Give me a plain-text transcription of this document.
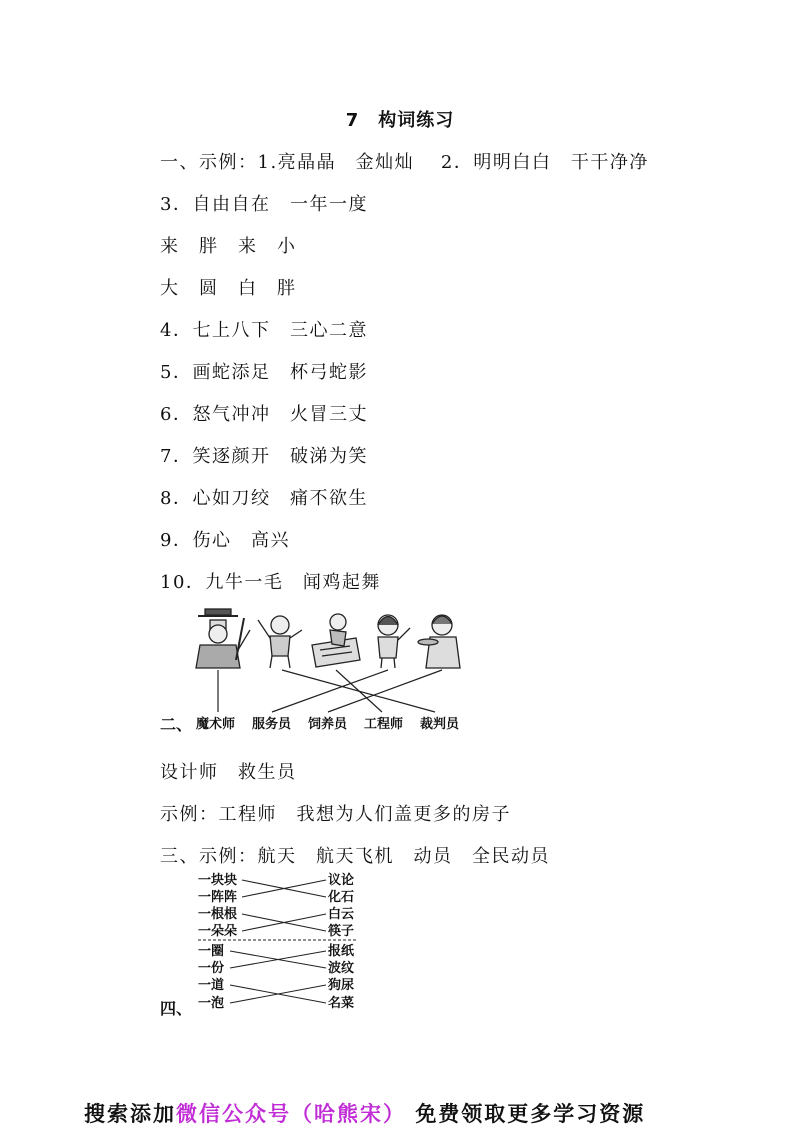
7　构词练习
一、示例：1.亮晶晶　金灿灿　 2．明明白白　干干净净
3．自由自在　一年一度
来　胖　来　小
大　圆　白　胖
4．七上八下　三心二意
5．画蛇添足　杯弓蛇影
6．怒气冲冲　火冒三丈
7．笑逐颜开　破涕为笑
8．心如刀绞　痛不欲生
9．伤心　高兴
10．九牛一毛　闻鸡起舞
二、 魔术师 服务员 饲养员 工程师 裁判员
设计师　救生员
示例：工程师　我想为人们盖更多的房子
三、示例：航天　航天飞机　动员　全民动员
一块块
一阵阵
一根根
一朵朵
一圈
一份
一道
一泡
议论
化石
白云
筷子
报纸
波纹
狗尿
名菜
四、
搜索添加微信公众号（哈熊宋） 免费领取更多学习资源
